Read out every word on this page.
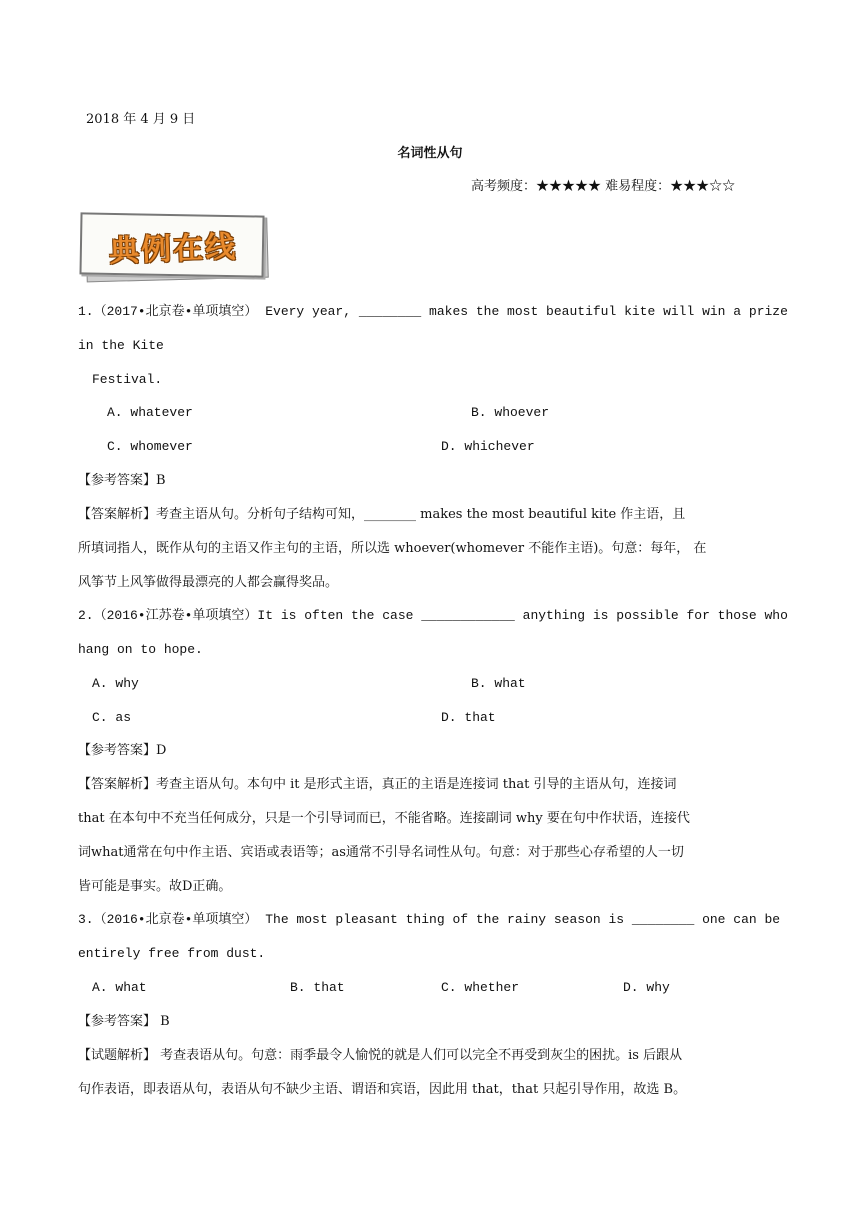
2018 年 4 月 9 日
名词性从句
高考频度：★★★★★ 难易程度：★★★☆☆
典例在线
1.（2017•北京卷•单项填空） Every year, ________ makes the most beautiful kite will win a prize
in the Kite
Festival.
A. whatever	B. whoever
C. whomever	D. whichever
【参考答案】B
【答案解析】考查主语从句。分析句子结构可知，________ makes the most beautiful kite 作主语，且
所填词指人，既作从句的主语又作主句的主语，所以选 whoever(whomever 不能作主语)。句意：每年， 在
风筝节上风筝做得最漂亮的人都会赢得奖品。
2.（2016•江苏卷•单项填空）It is often the case ____________ anything is possible for those who
hang on to hope.
A. why	B. what
C. as	D. that
【参考答案】D
【答案解析】考查主语从句。本句中 it 是形式主语，真正的主语是连接词 that 引导的主语从句，连接词
that 在本句中不充当任何成分，只是一个引导词而已，不能省略。连接副词 why 要在句中作状语，连接代
词what通常在句中作主语、宾语或表语等；as通常不引导名词性从句。句意：对于那些心存希望的人一切
皆可能是事实。故D正确。
3.（2016•北京卷•单项填空） The most pleasant thing of the rainy season is ________ one can be
entirely free from dust.
A. what	B. that	C. whether	D. why
【参考答案】 B
【试题解析】 考查表语从句。句意：雨季最令人愉悦的就是人们可以完全不再受到灰尘的困扰。is 后跟从
句作表语，即表语从句，表语从句不缺少主语、谓语和宾语，因此用 that，that 只起引导作用，故选 B。
